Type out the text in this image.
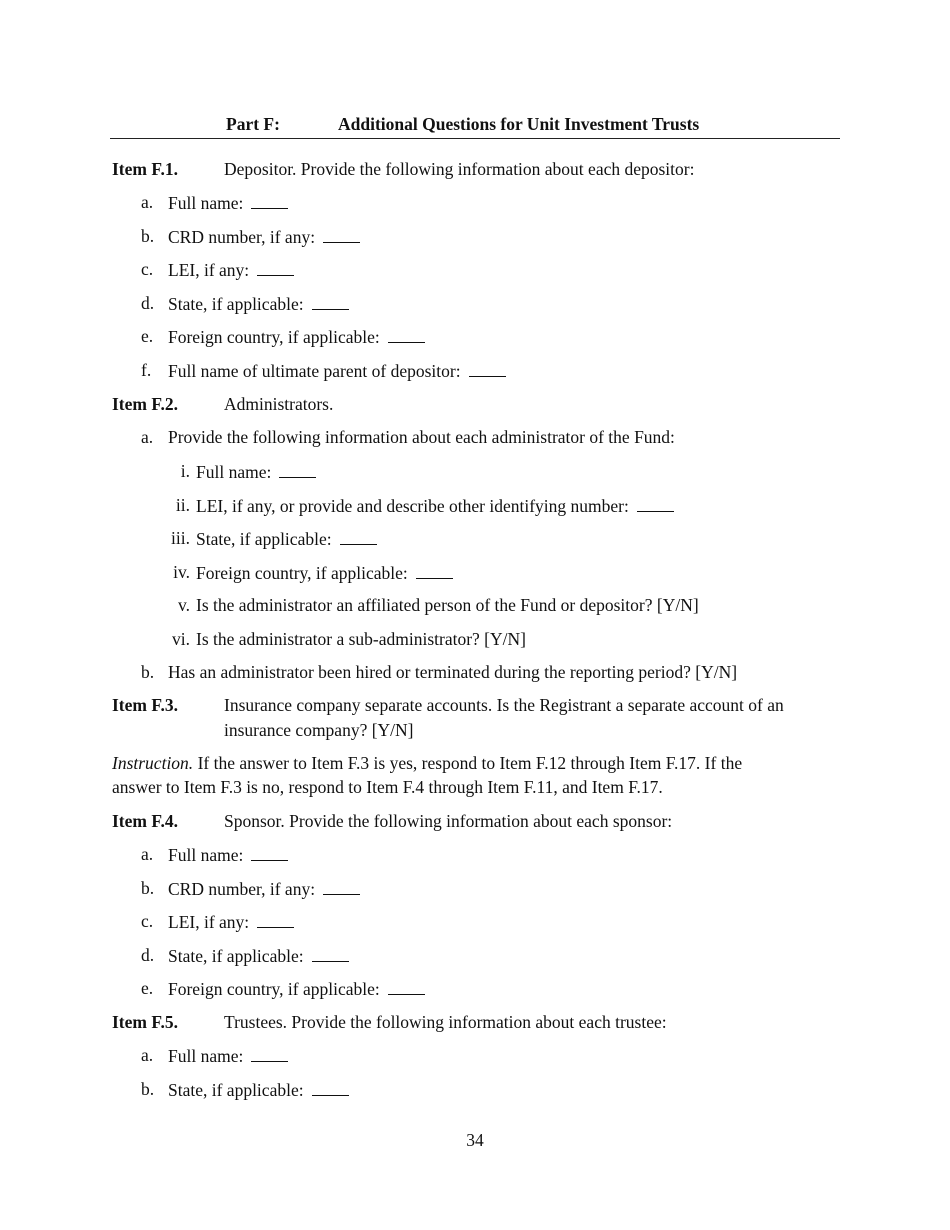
Part F:	Additional Questions for Unit Investment Trusts
Item F.1.	Depositor. Provide the following information about each depositor:
a. Full name:
b. CRD number, if any:
c. LEI, if any:
d. State, if applicable:
e. Foreign country, if applicable:
f. Full name of ultimate parent of depositor:
Item F.2.	Administrators.
a. Provide the following information about each administrator of the Fund:
i. Full name:
ii. LEI, if any, or provide and describe other identifying number:
iii. State, if applicable:
iv. Foreign country, if applicable:
v. Is the administrator an affiliated person of the Fund or depositor? [Y/N]
vi. Is the administrator a sub-administrator? [Y/N]
b. Has an administrator been hired or terminated during the reporting period? [Y/N]
Item F.3.	Insurance company separate accounts. Is the Registrant a separate account of an
insurance company? [Y/N]
Instruction. If the answer to Item F.3 is yes, respond to Item F.12 through Item F.17. If the
answer to Item F.3 is no, respond to Item F.4 through Item F.11, and Item F.17.
Item F.4.	Sponsor. Provide the following information about each sponsor:
a. Full name:
b. CRD number, if any:
c. LEI, if any:
d. State, if applicable:
e. Foreign country, if applicable:
Item F.5.	Trustees. Provide the following information about each trustee:
a. Full name:
b. State, if applicable:
34
